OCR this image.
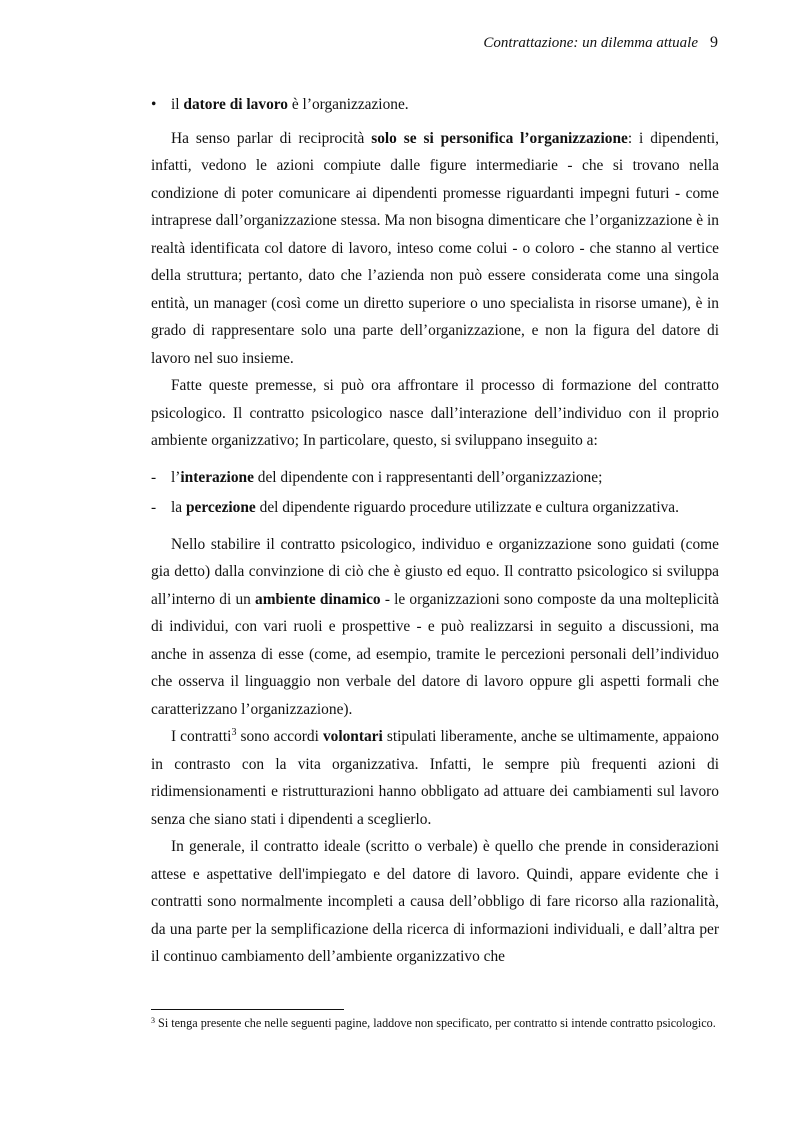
Contrattazione: un dilemma attuale 9
• il datore di lavoro è l’organizzazione.

Ha senso parlar di reciprocità solo se si personifica l’organizzazione: i dipendenti, infatti, vedono le azioni compiute dalle figure intermediarie - che si trovano nella condizione di poter comunicare ai dipendenti promesse riguardanti impegni futuri - come intraprese dall’organizzazione stessa. Ma non bisogna dimenticare che l’organizzazione è in realtà identificata col datore di lavoro, inteso come colui - o coloro - che stanno al vertice della struttura; pertanto, dato che l’azienda non può essere considerata come una singola entità, un manager (così come un diretto superiore o uno specialista in risorse umane), è in grado di rappresentare solo una parte dell’organizzazione, e non la figura del datore di lavoro nel suo insieme.

Fatte queste premesse, si può ora affrontare il processo di formazione del contratto psicologico. Il contratto psicologico nasce dall’interazione dell’individuo con il proprio ambiente organizzativo; In particolare, questo, si sviluppano inseguito a:

- l’interazione del dipendente con i rappresentanti dell’organizzazione;
- la percezione del dipendente riguardo procedure utilizzate e cultura organizzativa.

Nello stabilire il contratto psicologico, individuo e organizzazione sono guidati (come gia detto) dalla convinzione di ciò che è giusto ed equo. Il contratto psicologico si sviluppa all’interno di un ambiente dinamico - le organizzazioni sono composte da una molteplicità di individui, con vari ruoli e prospettive - e può realizzarsi in seguito a discussioni, ma anche in assenza di esse (come, ad esempio, tramite le percezioni personali dell’individuo che osserva il linguaggio non verbale del datore di lavoro oppure gli aspetti formali che caratterizzano l’organizzazione).

I contratti$^3$ sono accordi volontari stipulati liberamente, anche se ultimamente, appaiono in contrasto con la vita organizzativa. Infatti, le sempre più frequenti azioni di ridimensionamenti e ristrutturazioni hanno obbligato ad attuare dei cambiamenti sul lavoro senza che siano stati i dipendenti a sceglierlo.

In generale, il contratto ideale (scritto o verbale) è quello che prende in considerazioni attese e aspettative dell'impiegato e del datore di lavoro. Quindi, appare evidente che i contratti sono normalmente incompleti a causa dell’obbligo di fare ricorso alla razionalità, da una parte per la semplificazione della ricerca di informazioni individuali, e dall’altra per il continuo cambiamento dell’ambiente organizzativo che

$^3$ Si tenga presente che nelle seguenti pagine, laddove non specificato, per contratto si intende contratto psicologico.
